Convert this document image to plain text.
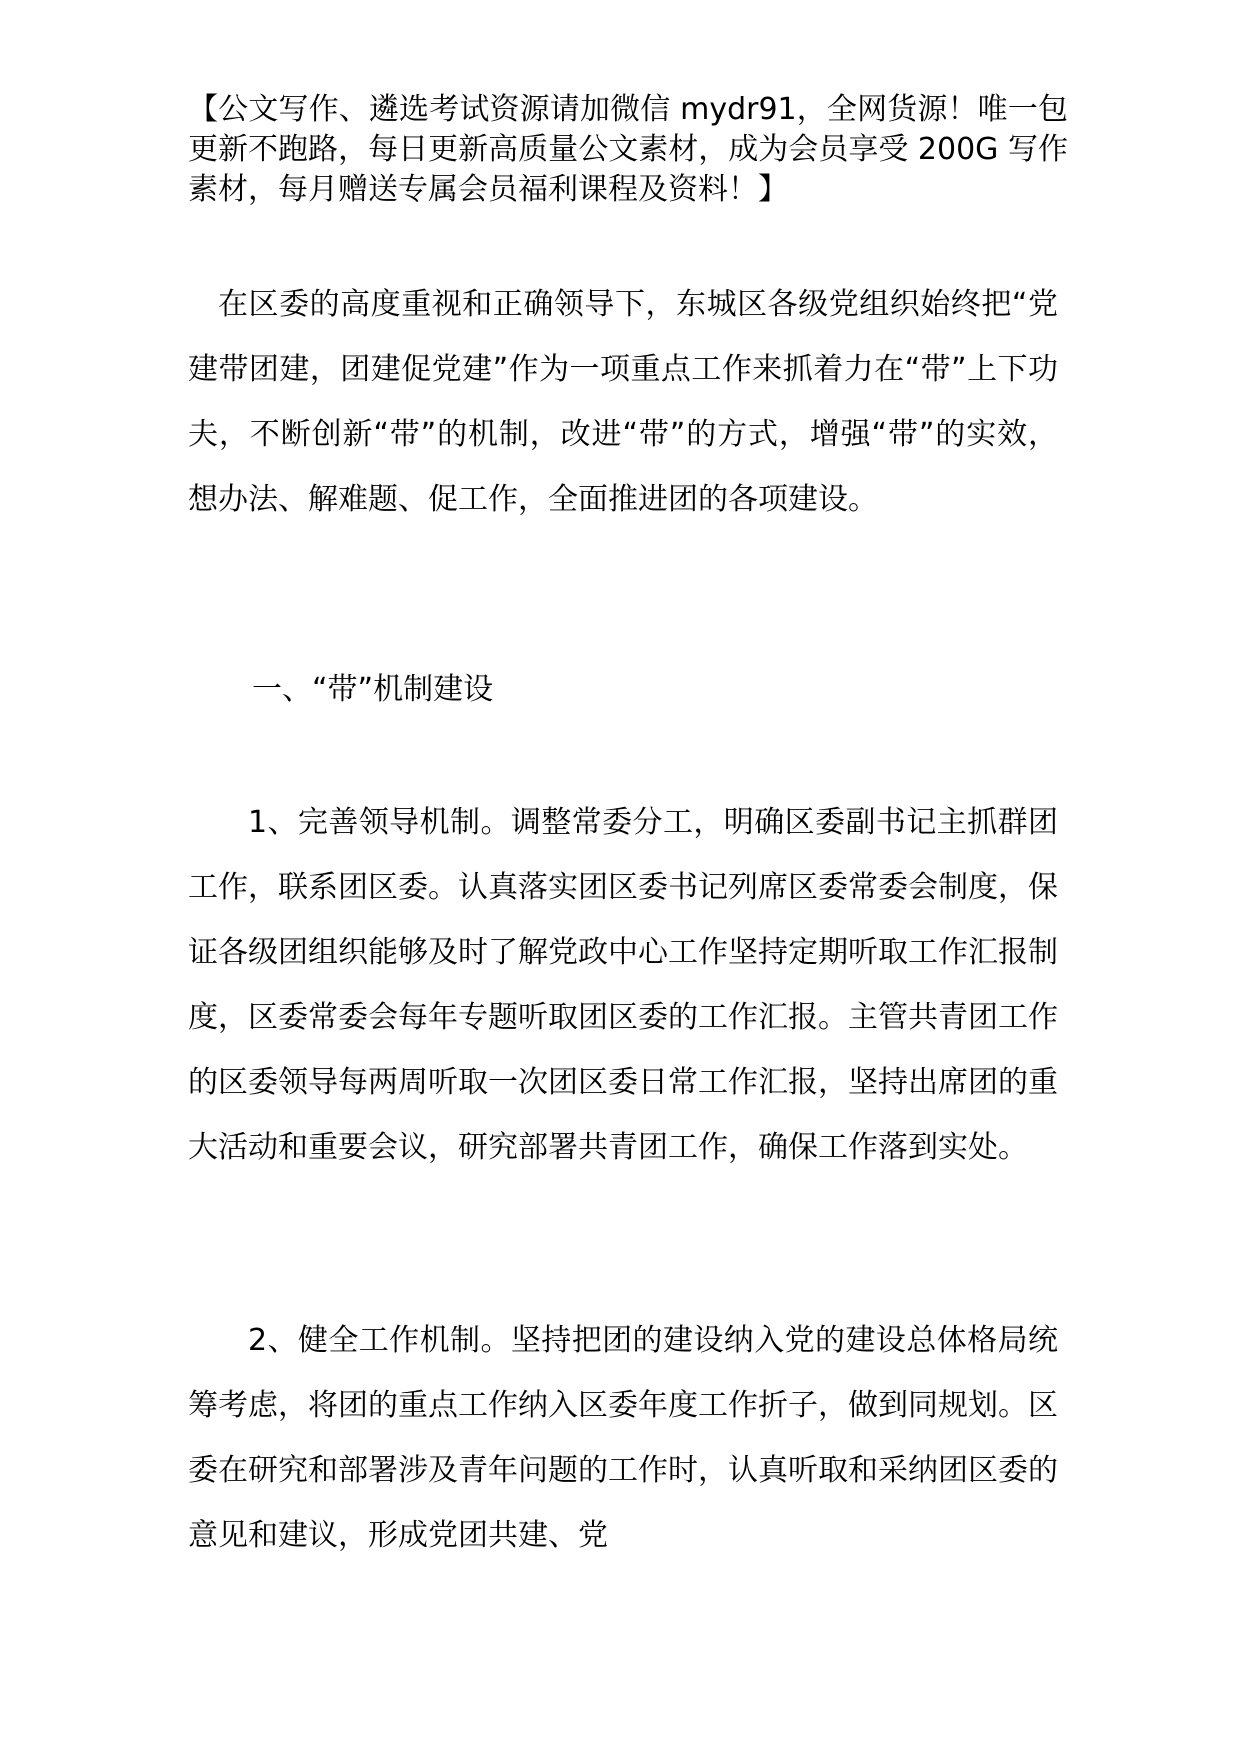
【公文写作、遴选考试资源请加微信 mydr91，全网货源！唯一包更新不跑路，每日更新高质量公文素材，成为会员享受 200G 写作素材，每月赠送专属会员福利课程及资料！】

在区委的高度重视和正确领导下，东城区各级党组织始终把“党建带团建，团建促党建”作为一项重点工作来抓着力在“带”上下功夫，不断创新“带”的机制，改进“带”的方式，增强“带”的实效，想办法、解难题、促工作，全面推进团的各项建设。

一、“带”机制建设

1、完善领导机制。调整常委分工，明确区委副书记主抓群团工作，联系团区委。认真落实团区委书记列席区委常委会制度，保证各级团组织能够及时了解党政中心工作坚持定期听取工作汇报制度，区委常委会每年专题听取团区委的工作汇报。主管共青团工作的区委领导每两周听取一次团区委日常工作汇报，坚持出席团的重大活动和重要会议，研究部署共青团工作，确保工作落到实处。

2、健全工作机制。坚持把团的建设纳入党的建设总体格局统筹考虑，将团的重点工作纳入区委年度工作折子，做到同规划。区委在研究和部署涉及青年问题的工作时，认真听取和采纳团区委的意见和建议，形成党团共建、党
